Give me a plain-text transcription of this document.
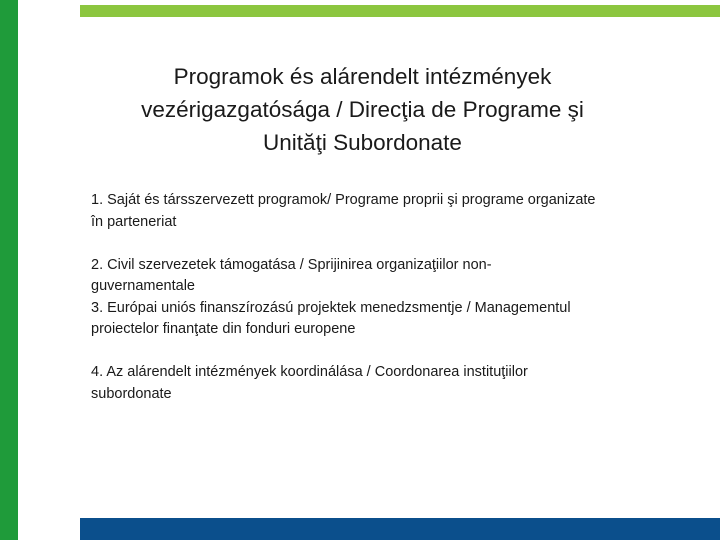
Programok és alárendelt intézmények
vezérigazgatósága / Direcţia de Programe şi
Unităţi Subordonate

1. Saját és társszervezett programok/ Programe proprii şi programe organizate
în parteneriat

2. Civil szervezetek támogatása / Sprijinirea organizaţiilor non-
guvernamentale

3. Európai uniós finanszírozású projektek menedzsmentje / Managementul
proiectelor finanţate din fonduri europene

4. Az alárendelt intézmények koordinálása / Coordonarea instituţiilor
subordonate
